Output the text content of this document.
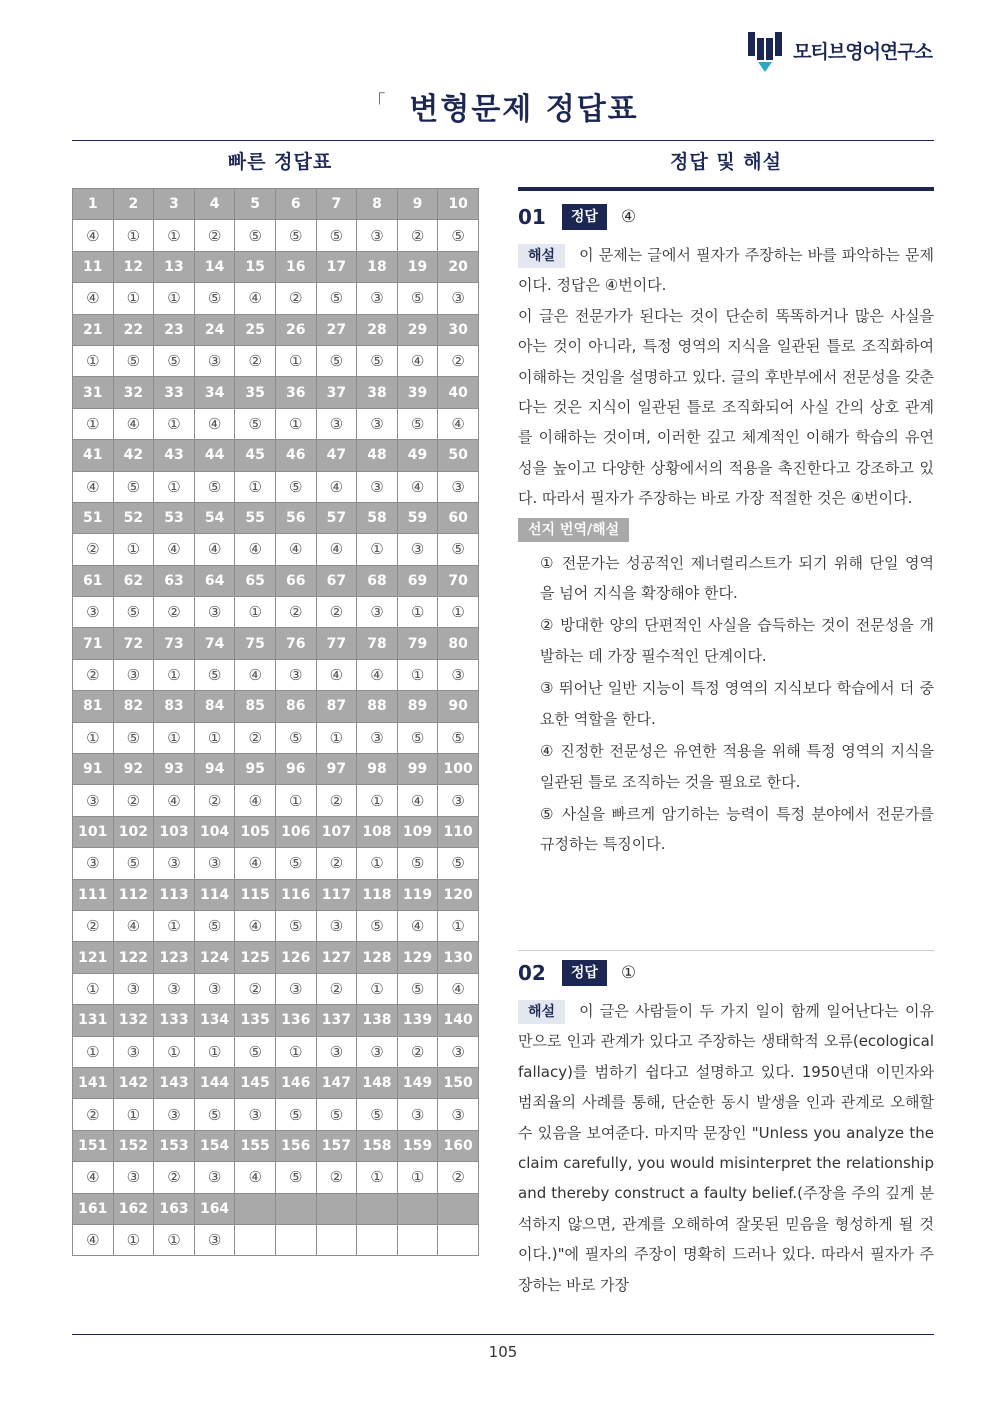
모티브영어연구소
「 변형문제 정답표
빠른 정답표	정답 및 해설
1	2	3	4	5	6	7	8	9	10
④	①	①	②	⑤	⑤	⑤	③	②	⑤
11	12	13	14	15	16	17	18	19	20
④	①	①	⑤	④	②	⑤	③	⑤	③
21	22	23	24	25	26	27	28	29	30
①	⑤	⑤	③	②	①	⑤	⑤	④	②
31	32	33	34	35	36	37	38	39	40
①	④	①	④	⑤	①	③	③	⑤	④
41	42	43	44	45	46	47	48	49	50
④	⑤	①	⑤	①	⑤	④	③	④	③
51	52	53	54	55	56	57	58	59	60
②	①	④	④	④	④	④	①	③	⑤
61	62	63	64	65	66	67	68	69	70
③	⑤	②	③	①	②	②	③	①	①
71	72	73	74	75	76	77	78	79	80
②	③	①	⑤	④	③	④	④	①	③
81	82	83	84	85	86	87	88	89	90
①	⑤	①	①	②	⑤	①	③	⑤	⑤
91	92	93	94	95	96	97	98	99	100
③	②	④	②	④	①	②	①	④	③
101	102	103	104	105	106	107	108	109	110
③	⑤	③	③	④	⑤	②	①	⑤	⑤
111	112	113	114	115	116	117	118	119	120
②	④	①	⑤	④	⑤	③	⑤	④	①
121	122	123	124	125	126	127	128	129	130
①	③	③	③	②	③	②	①	⑤	④
131	132	133	134	135	136	137	138	139	140
①	③	①	①	⑤	①	③	③	②	③
141	142	143	144	145	146	147	148	149	150
②	①	③	⑤	③	⑤	⑤	⑤	③	③
151	152	153	154	155	156	157	158	159	160
④	③	②	③	④	⑤	②	①	①	②
161	162	163	164						
④	①	①	③						
01	정답	④

해설 이 문제는 글에서 필자가 주장하는 바를 파악하는 문제이다. 정답은 ④번이다.

이 글은 전문가가 된다는 것이 단순히 똑똑하거나 많은 사실을 아는 것이 아니라, 특정 영역의 지식을 일관된 틀로 조직화하여 이해하는 것임을 설명하고 있다. 글의 후반부에서 전문성을 갖춘다는 것은 지식이 일관된 틀로 조직화되어 사실 간의 상호 관계를 이해하는 것이며, 이러한 깊고 체계적인 이해가 학습의 유연성을 높이고 다양한 상황에서의 적용을 촉진한다고 강조하고 있다. 따라서 필자가 주장하는 바로 가장 적절한 것은 ④번이다.

선지 번역/해설

① 전문가는 성공적인 제너럴리스트가 되기 위해 단일 영역을 넘어 지식을 확장해야 한다.

② 방대한 양의 단편적인 사실을 습득하는 것이 전문성을 개발하는 데 가장 필수적인 단계이다.

③ 뛰어난 일반 지능이 특정 영역의 지식보다 학습에서 더 중요한 역할을 한다.

④ 진정한 전문성은 유연한 적용을 위해 특정 영역의 지식을 일관된 틀로 조직하는 것을 필요로 한다.

⑤ 사실을 빠르게 암기하는 능력이 특정 분야에서 전문가를 규정하는 특징이다.

02	정답	①

해설 이 글은 사람들이 두 가지 일이 함께 일어난다는 이유만으로 인과 관계가 있다고 주장하는 생태학적 오류(ecological fallacy)를 범하기 쉽다고 설명하고 있다. 1950년대 이민자와 범죄율의 사례를 통해, 단순한 동시 발생을 인과 관계로 오해할 수 있음을 보여준다. 마지막 문장인 "Unless you analyze the claim carefully, you would misinterpret the relationship and thereby construct a faulty belief.(주장을 주의 깊게 분석하지 않으면, 관계를 오해하여 잘못된 믿음을 형성하게 될 것이다.)"에 필자의 주장이 명확히 드러나 있다. 따라서 필자가 주장하는 바로 가장

105
